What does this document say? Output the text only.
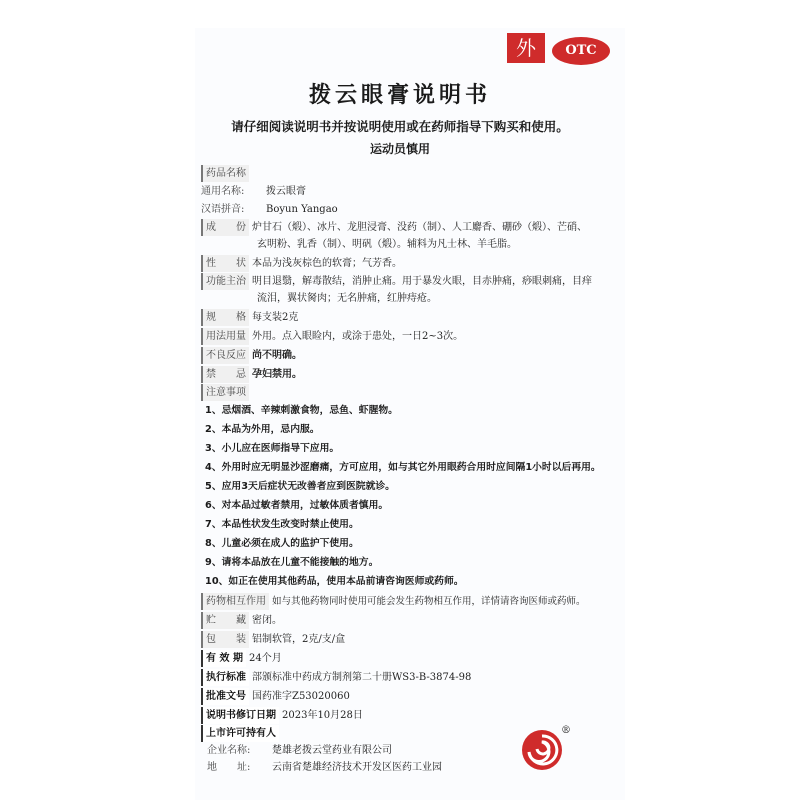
外	OTC
拨云眼膏说明书
请仔细阅读说明书并按说明使用或在药师指导下购买和使用。
运动员慎用
药品名称
通用名称: 拨云眼膏
汉语拼音: Boyun Yangao
成　　份 炉甘石（煅）、冰片、龙胆浸膏、没药（制）、人工麝香、硼砂（煅）、芒硝、
玄明粉、乳香（制）、明矾（煅）。辅料为凡士林、羊毛脂。
性　　状 本品为浅灰棕色的软膏；气芳香。
功能主治 明目退翳，解毒散结，消肿止痛。用于暴发火眼，目赤肿痛，痧眼刺痛，目痒
流泪，翼状胬肉；无名肿痛，红肿痔疮。
规　　格 每支装2克
用法用量 外用。点入眼睑内，或涂于患处，一日2~3次。
不良反应 尚不明确。
禁　　忌 孕妇禁用。
注意事项
1、忌烟酒、辛辣刺激食物，忌鱼、虾腥物。
2、本品为外用，忌内服。
3、小儿应在医师指导下应用。
4、外用时应无明显沙涩磨痛，方可应用，如与其它外用眼药合用时应间隔1小时以后再用。
5、应用3天后症状无改善者应到医院就诊。
6、对本品过敏者禁用，过敏体质者慎用。
7、本品性状发生改变时禁止使用。
8、儿童必须在成人的监护下使用。
9、请将本品放在儿童不能接触的地方。
10、如正在使用其他药品，使用本品前请咨询医师或药师。
药物相互作用 如与其他药物同时使用可能会发生药物相互作用，详情请咨询医师或药师。
贮　　藏 密闭。
包　　装 铝制软管，2克/支/盒
有 效 期 24个月
执行标准 部颁标准中药成方制剂第二十册WS3-B-3874-98
批准文号 国药准字Z53020060
说明书修订日期 2023年10月28日
上市许可持有人
企业名称: 楚雄老拨云堂药业有限公司
地　　址: 云南省楚雄经济技术开发区医药工业园
®
